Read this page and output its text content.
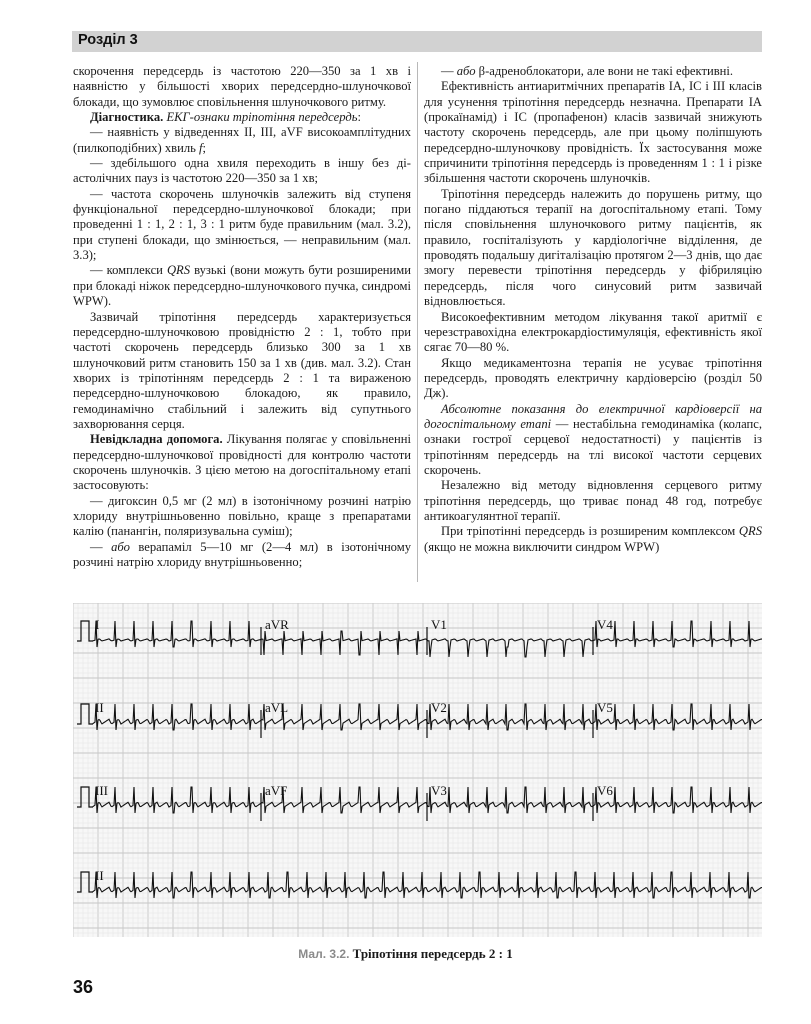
Розділ 3

скорочення передсердь із частотою 220—350 за 1 хв і наявністю у більшості хворих передсердно-шлуночкової блокади, що зумовлює сповільнення шлуночкового ритму.

Діагностика. ЕКГ-ознаки тріпотіння передсердь:

— наявність у відведеннях II, III, aVF високоамплітудних (пилкоподібних) хвиль f;

— здебільшого одна хвиля переходить в іншу без діастолічних пауз із частотою 220—350 за 1 хв;

— частота скорочень шлуночків залежить від ступеня функціональної передсердно-шлуночкової блокади; при проведенні 1 : 1, 2 : 1, 3 : 1 ритм буде правильним (мал. 3.2), при ступені блокади, що змінюється, — неправильним (мал. 3.3);

— комплекси QRS вузькі (вони можуть бути розширеними при блокаді ніжок передсердно-шлуночкового пучка, синдромі WPW).

Зазвичай тріпотіння передсердь характеризується передсердно-шлуночковою провідністю 2 : 1, тобто при частоті скорочень передсердь близько 300 за 1 хв шлуночковий ритм становить 150 за 1 хв (див. мал. 3.2). Стан хворих із тріпотінням передсердь 2 : 1 та вираженою передсердно-шлуночковою блокадою, як правило, гемодинамічно стабільний і залежить від супутнього захворювання серця.

Невідкладна допомога. Лікування полягає у сповільненні передсердно-шлуночкової провідності для контролю частоти скорочень шлуночків. З цією метою на догоспітальному етапі застосовують:

— дигоксин 0,5 мг (2 мл) в ізотонічному розчині натрію хлориду внутрішньовенно повільно, краще з препаратами калію (панангін, поляризувальна суміш);

— або верапаміл 5—10 мг (2—4 мл) в ізотонічному розчині натрію хлориду внутрішньовенно;

— або β-адреноблокатори, але вони не такі ефективні.

Ефективність антиаритмічних препаратів IA, IC і III класів для усунення тріпотіння передсердь незначна. Препарати IA (прокаїнамід) і IC (пропафенон) класів зазвичай знижують частоту скорочень передсердь, але при цьому поліпшують передсердно-шлуночкову провідність. Їх застосування може спричинити тріпотіння передсердь із проведенням 1 : 1 і різке збільшення частоти скорочень шлуночків.

Тріпотіння передсердь належить до порушень ритму, що погано піддаються терапії на догоспітальному етапі. Тому після сповільнення шлуночкового ритму пацієнтів, як правило, госпіталізують у кардіологічне відділення, де проводять подальшу дигіталізацію протягом 2—3 днів, що дає змогу перевести тріпотіння передсердь у фібриляцію передсердь, після чого синусовий ритм зазвичай відновлюється.

Високоефективним методом лікування такої аритмії є черезстравохідна електрокардіостимуляція, ефективність якої сягає 70—80 %.

Якщо медикаментозна терапія не усуває тріпотіння передсердь, проводять електричну кардіоверсію (розділ 50 Дж).

Абсолютне показання до електричної кардіоверсії на догоспітальному етапі — нестабільна гемодинаміка (колапс, ознаки гострої серцевої недостатності) у пацієнтів із тріпотінням передсердь на тлі високої частоти серцевих скорочень.

Незалежно від методу відновлення серцевого ритму тріпотіння передсердь, що триває понад 48 год, потребує антикоагулянтної терапії.

При тріпотінні передсердь із розширеним комплексом QRS (якщо не можна виключити синдром WPW)

I	aVR	V1	V4
II	aVL	V2	V5
III	aVF	V3	V6
II
Мал. 3.2. Тріпотіння передсердь 2 : 1
36
